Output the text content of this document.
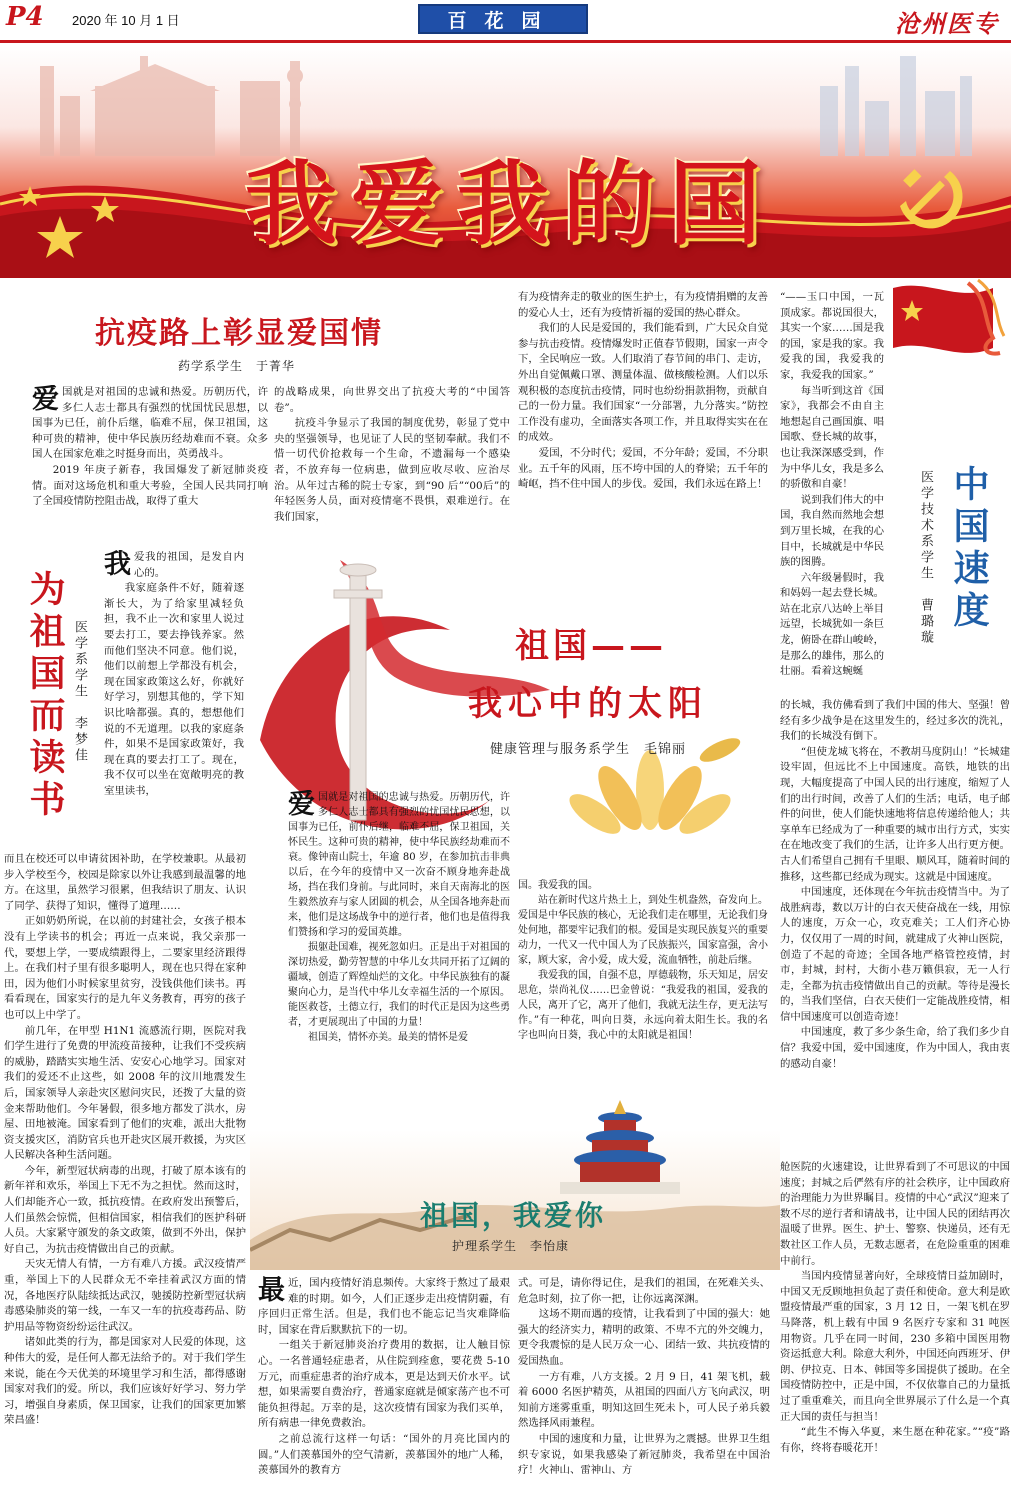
P4 2020 年 10 月 1 日	百花园	沧州医专
我爱我的国
抗疫路上彰显爱国情
药学系学生　于菁华
爱国就是对祖国的忠诚和热爱。历朝历代，许多仁人志士都具有强烈的忧国忧民思想，以国事为已任，前仆后继，临难不屈，保卫祖国，这种可贵的精神，使中华民族历经劫难而不衰。众多国人在国家危难之时挺身而出，英勇战斗。

2019 年庚子新春，我国爆发了新冠肺炎疫情。面对这场危机和重大考验，全国人民共同打响了全国疫情防控阻击战，取得了重大

的战略成果，向世界交出了抗疫大考的“中国答卷”。

抗疫斗争显示了我国的制度优势，彰显了党中央的坚强领导，也见证了人民的坚韧奉献。我们不惜一切代价抢救每一个生命，不遗漏每一个感染者，不放弃每一位病患，做到应收尽收、应治尽治。从年过古稀的院士专家，到“90 后”“00后”的年轻医务人员，面对疫情毫不畏惧，艰难逆行。在我们国家，

有为疫情奔走的敬业的医生护士，有为疫情捐赠的友善的爱心人士，还有为疫情祈福的爱国的热心群众。

我们的人民是爱国的，我们能看到，广大民众自觉参与抗击疫情。疫情爆发时正值春节假期，国家一声令下，全民响应一致。人们取消了春节间的串门、走访，外出自觉佩戴口罩、测量体温、做核酸检测。人们以乐观积极的态度抗击疫情，同时也纷纷捐款捐物，贡献自己的一份力量。我们国家“一分部署，九分落实。”防控工作没有虚功，全面落实各项工作，并且取得实实在在的成效。

爱国，不分时代；爱国，不分年龄；爱国，不分职业。五千年的风雨，压不垮中国的人的脊梁；五千年的崎岖，挡不住中国人的步伐。爱国，我们永远在路上！

为祖国而读书 医学系学生　李梦佳
我爱我的祖国，是发自内心的。

我家庭条件不好，随着逐渐长大，为了给家里减轻负担，我不止一次和家里人说过要去打工，要去挣钱养家。然而他们坚决不同意。他们说，他们以前想上学都没有机会，现在国家政策这么好，你就好好学习，别想其他的，学下知识比啥都强。真的，想想他们说的不无道理。以我的家庭条件，如果不是国家政策好，我现在真的要去打工了。现在，我不仅可以坐在宽敞明亮的教室里读书，

而且在校还可以申请贫困补助，在学校兼职。从最初步入学校至今，校园是除家以外让我感到最温馨的地方。在这里，虽然学习很累，但我结识了朋友、认识了同学、获得了知识，懂得了道理……

正如奶奶所说，在以前的封建社会，女孩子根本没有上学读书的机会；再近一点来说，我父亲那一代，要想上学，一要成绩跟得上，二要家里经济跟得上。在我们村子里有很多聪明人，现在也只得在家种田，因为他们小时候家里贫穷，没钱供他们读书。再看看现在，国家实行的是九年义务教育，再穷的孩子也可以上中学了。

前几年，在甲型 H1N1 流感流行期，医院对我们学生进行了免费的甲流疫苗接种，让我们不受疾病的威胁，踏踏实实地生活、安安心心地学习。国家对我们的爱还不止这些，如 2008 年的汶川地震发生后，国家领导人亲赴灾区慰问灾民，还拨了大量的资金来帮助他们。今年暑假，很多地方都发了洪水，房屋、田地被淹。国家看到了他们的灾难，派出大批物资支援灾区，消防官兵也开赴灾区展开救援，为灾区人民解决各种生活问题。

今年，新型冠状病毒的出现，打破了原本该有的新年祥和欢乐，举国上下无不为之担忧。然而这时，人们却能齐心一致，抵抗疫情。在政府发出预警后，人们虽然会惊慌，但相信国家，相信我们的医护科研人员。大家紧守颁发的条文政策，做到不外出，保护好自己，为抗击疫情做出自己的贡献。

天灾无情人有情，一方有难八方援。武汉疫情严重，举国上下的人民群众无不牵挂着武汉方面的情况，各地医疗队陆续抵达武汉，驰援防控新型冠状病毒感染肺炎的第一线，一车又一车的抗疫毒药品、防护用品等物资纷纷运往武汉。

诸如此类的行为，都是国家对人民爱的体现，这种伟大的爱，是任何人都无法给予的。对于我们学生来说，能在今天优美的环境里学习和生活，都得感谢国家对我们的爱。所以，我们应该好好学习、努力学习，增强自身素质，保卫国家，让我们的国家更加繁荣昌盛！

中国速度
医学技术系学生　曹璐璇

“——玉口中国，一瓦顶成家。都说国很大，其实一个家……国是我的国，家是我的家。我爱我的国，我爱我的家，我爱我的国家。”

每当听到这首《国家》，我都会不由自主地想起自己画国旗、唱国歌、登长城的故事，也让我深深感受到，作为中华儿女，我是多么的骄傲和自豪！

说到我们伟大的中国，我自然而然地会想到万里长城，在我的心目中，长城就是中华民族的图腾。

六年级暑假时，我和妈妈一起去登长城。站在北京八达岭上举目远望，长城犹如一条巨龙，俯卧在群山峻岭，是那么的雄伟，那么的壮丽。看着这蜿蜒

的长城，我仿佛看到了我们中国的伟大、坚强！曾经有多少战争是在这里发生的，经过多次的洗礼，我们的长城没有倒下。

“但使龙城飞将在，不教胡马度阴山！”长城建设牢固，但远比不上中国速度。高铁，地铁的出现，大幅度提高了中国人民的出行速度，缩短了人们的出行时间，改善了人们的生活；电话，电子邮件的问世，使人们能快速地将信息传递给他人；共享单车已经成为了一种重要的城市出行方式，实实在在地改变了我们的生活，让许多人出行更方便。古人们希望自己拥有千里眼、顺风耳，随着时间的推移，这些都已经成为现实。这就是中国速度。

中国速度，还体现在今年抗击疫情当中。为了战胜病毒，数以万计的白衣天使奋战在一线，用惊人的速度，万众一心，攻克难关；工人们齐心协力，仅仅用了一周的时间，就建成了火神山医院，创造了不起的奇迹；全国各地严格管控疫情，封市，封城，封村，大街小巷万籁俱寂，无一人行走，全都为抗击疫情做出自己的贡献。等待是漫长的，当我们坚信，白衣天使们一定能战胜疫情，相信中国速度可以创造奇迹！

中国速度，救了多少条生命，给了我们多少自信？我爱中国，爱中国速度，作为中国人，我由衷的感动自豪！

祖国——
我心中的太阳
健康管理与服务系学生　毛锦丽
爱国就是对祖国的忠诚与热爱。历朝历代，许多仁人志士都具有强烈的忧国忧民思想，以国事为已任，前仆后继，临难不屈，保卫祖国，关怀民生。这种可贵的精神，使中华民族经劫难而不衰。像钟南山院士，年逾 80 岁，在参加抗击非典以后，在今年的疫情中又一次奋不顾身地奔赴战场，挡在我们身前。与此同时，来自天南海北的医生毅然放弃与家人团圆的机会，从全国各地奔赴而来，他们是这场战争中的逆行者，他们也是值得我们赞扬和学习的爱国英雄。

损躯赴国难，视死忽如归。正是出于对祖国的深切热爱，勤劳智慧的中华儿女共同开拓了辽阔的疆域，创造了辉煌灿烂的文化。中华民族独有的凝聚向心力，是当代中华儿女幸福生活的一个原因。能医救苍，土德立行，我们的时代正是因为这些勇者，才更展现出了中国的力量！

祖国美，情怀亦美。最美的情怀是爱

国。我爱我的国。

站在新时代这片热土上，到处生机盎然，奋发向上。爱国是中华民族的核心，无论我们走在哪里，无论我们身处何地，都要牢记我们的根。爱国是实现民族复兴的重要动力，一代又一代中国人为了民族振兴，国家富强，舍小家，顾大家，舍小爱，成大爱，流血牺牲，前赴后继。

我爱我的国，自强不息，厚德载物，乐天知足，居安思危，崇尚礼仪……巴金曾说：“我爱我的祖国，爱我的人民，离开了它，离开了他们，我就无法生存，更无法写作。”有一种花，叫向日葵，永远向着太阳生长。我的名字也叫向日葵，我心中的太阳就是祖国！

祖国，我爱你
护理系学生　李怡康
最近，国内疫情好消息频传。大家终于熬过了最艰难的时期。如今，人们正逐步走出疫情阴霾，有序回归正常生活。但是，我们也不能忘记当灾难降临时，国家在背后默默抗下的一切。

一组关于新冠肺炎治疗费用的数据，让人触目惊心。一名普通轻症患者，从住院到痊愈，要花费 5-10 万元，而重症患者的治疗成本，更是达到天价水平。试想，如果需要自费治疗，普通家庭就是倾家荡产也不可能负担得起。万幸的是，这次疫情有国家为我们买单，所有病患一律免费救治。

之前总流行这样一句话：“国外的月亮比国内的圆。”人们羡慕国外的空气清新，羡慕国外的地广人稀，羡慕国外的教育方

式。可是，请你得记住，是我们的祖国，在死难关头、危急时刻，拉了你一把，让你远离深渊。

这场不期而遇的疫情，让我看到了中国的强大：她强大的经济实力，精明的政策、不卑不亢的外交魄力，更令我震惊的是人民万众一心、团结一致、共抗疫情的爱国热血。

一方有难，八方支援。2 月 9 日，41 架飞机，载着 6000 名医护精英，从祖国的四面八方飞向武汉，明知前方迷雾重重，明知这回生死未卜，可人民子弟兵毅然选择风雨兼程。

中国的速度和力量，让世界为之震撼。世界卫生组织专家说，如果我感染了新冠肺炎，我希望在中国治疗！火神山、雷神山、方

舱医院的火速建设，让世界看到了不可思议的中国速度；封城之后俨然有序的社会秩序，让中国政府的治理能力为世界瞩目。疫情的中心“武汉”迎来了数不尽的逆行者和请战书，让中国人民的团结再次温暖了世界。医生、护士、警察、快递员，还有无数社区工作人员，无数志愿者，在危险重重的困难中前行。

当国内疫情显著向好，全球疫情日益加剧时，中国又无反顾地担负起了责任和使命。意大利是欧盟疫情最严重的国家，3 月 12 日，一架飞机在罗马降落，机上载有中国 9 名医疗专家和 31 吨医用物资。几乎在同一时间，230 多箱中国医用物资运抵意大利。除意大利外，中国还向西班牙、伊朗、伊拉克、日本、韩国等多国提供了援助。在全国疫情防控中，正是中国，不仅依靠自己的力量抵过了重重难关，而且向全世界展示了什么是一个真正大国的责任与担当！

“此生不悔入华夏，来生愿在种花家。”“疫”路有你，终将春暖花开！
